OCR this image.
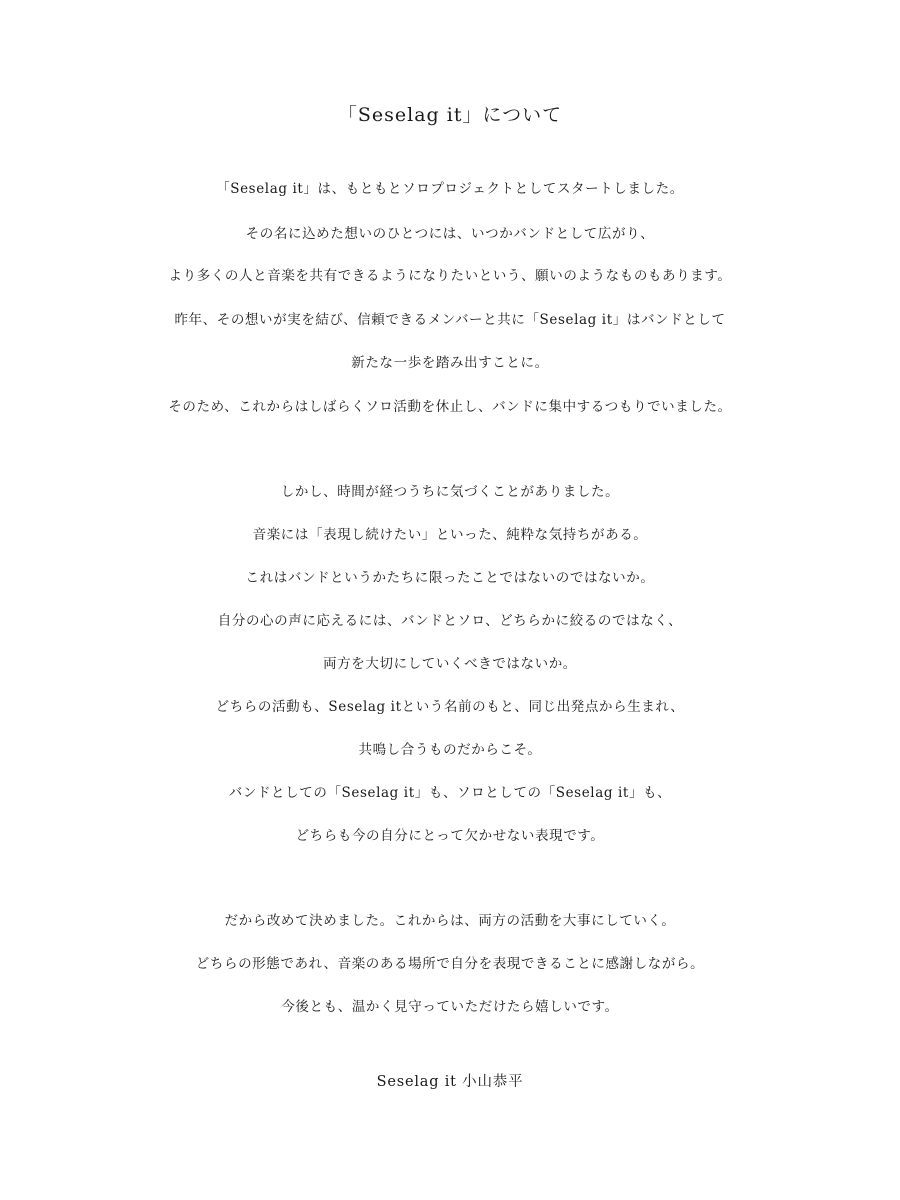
「Seselag it」について
「Seselag it」は、もともとソロプロジェクトとしてスタートしました。
その名に込めた想いのひとつには、いつかバンドとして広がり、
より多くの人と音楽を共有できるようになりたいという、願いのようなものもあります。
昨年、その想いが実を結び、信頼できるメンバーと共に「Seselag it」はバンドとして
新たな一歩を踏み出すことに。
そのため、これからはしばらくソロ活動を休止し、バンドに集中するつもりでいました。
しかし、時間が経つうちに気づくことがありました。
音楽には「表現し続けたい」といった、純粋な気持ちがある。
これはバンドというかたちに限ったことではないのではないか。
自分の心の声に応えるには、バンドとソロ、どちらかに絞るのではなく、
両方を大切にしていくべきではないか。
どちらの活動も、Seselag itという名前のもと、同じ出発点から生まれ、
共鳴し合うものだからこそ。
バンドとしての「Seselag it」も、ソロとしての「Seselag it」も、
どちらも今の自分にとって欠かせない表現です。
だから改めて決めました。これからは、両方の活動を大事にしていく。
どちらの形態であれ、音楽のある場所で自分を表現できることに感謝しながら。
今後とも、温かく見守っていただけたら嬉しいです。
Seselag it 小山恭平
